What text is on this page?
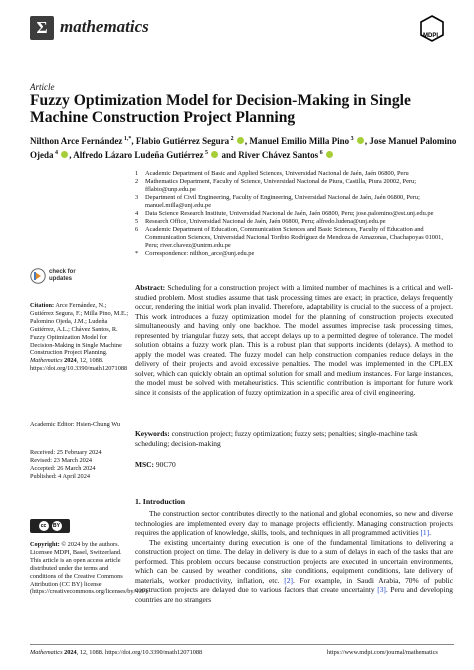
Σ mathematics	MDPI
Article
Fuzzy Optimization Model for Decision-Making in Single Machine Construction Project Planning
Nilthon Arce Fernández $^{1,*}$, Flabio Gutiérrez Segura $^2$ , Manuel Emilio Milla Pino $^3$ , Jose Manuel Palomino Ojeda $^4$ , Alfredo Lázaro Ludeña Gutiérrez $^5$  and River Chávez Santos $^6$
1 Academic Department of Basic and Applied Sciences, Universidad Nacional de Jaén, Jaén 06800, Peru
2 Mathematics Department, Faculty of Science, Universidad Nacional de Piura, Castilla, Piura 20002, Peru; fflabio@unp.edu.pe
3 Department of Civil Engineering, Faculty of Engineering, Universidad Nacional de Jaén, Jaén 06800, Peru; manuel.milla@unj.edu.pe
4 Data Science Research Institute, Universidad Nacional de Jaén, Jaén 06800, Peru; jose.palomino@est.unj.edu.pe
5 Research Office, Universidad Nacional de Jaén, Jaén 06800, Peru; alfredo.ludena@unj.edu.pe
6 Academic Department of Education, Communication Sciences and Basic Sciences, Faculty of Education and Communication Sciences, Universidad Nacional Toribio Rodríguez de Mendoza de Amazonas, Chachapoyas 01001, Peru; river.chavez@untrm.edu.pe
* Correspondence: nilthon_arce@unj.edu.pe
check for
updates
Citation: Arce Fernández, N.; Gutiérrez Segura, F.; Milla Pino, M.E.; Palomino Ojeda, J.M.; Ludeña Gutiérrez, A.L.; Chávez Santos, R. Fuzzy Optimization Model for Decision-Making in Single Machine Construction Project Planning. Mathematics 2024, 12, 1088. https://doi.org/10.3390/math12071088
Academic Editor: Hsien-Chung Wu
Received: 25 February 2024
Revised: 23 March 2024
Accepted: 26 March 2024
Published: 4 April 2024
cc	BY
Copyright: © 2024 by the authors. Licensee MDPI, Basel, Switzerland. This article is an open access article distributed under the terms and conditions of the Creative Commons Attribution (CC BY) license (https://creativecommons.org/licenses/by/4.0/).
Abstract: Scheduling for a construction project with a limited number of machines is a critical and well-studied problem. Most studies assume that task processing times are exact; in practice, delays frequently occur, rendering the initial work plan invalid. Therefore, adaptability is crucial to the success of a project. This work introduces a fuzzy optimization model for the planning of construction projects executed simultaneously and having only one backhoe. The model assumes imprecise task processing times, represented by triangular fuzzy sets, that accept delays up to a permitted degree of tolerance. The model solution obtains a fuzzy work plan. This is a robust plan that supports incidents (delays). A method to apply the model was created. The fuzzy model can help construction companies reduce delays in the delivery of their projects and avoid excessive penalties. The model was implemented in the CPLEX solver, which can quickly obtain an optimal solution for small and medium instances. For large instances, the model must be solved with metaheuristics. This scientific contribution is important for future work since it consists of the application of fuzzy optimization in a specific area of civil engineering.
Keywords: construction project; fuzzy optimization; fuzzy sets; penalties; single-machine task scheduling; decision-making
MSC: 90C70
1. Introduction

The construction sector contributes directly to the national and global economies, so new and diverse technologies are implemented every day to manage projects efficiently. Managing construction projects requires the application of knowledge, skills, tools, and techniques in all programmed activities [1].

The existing uncertainty during execution is one of the fundamental limitations to delivering a construction project on time. The delay in delivery is due to a sum of delays in each of the tasks that are performed. This problem occurs because construction projects are executed in uncertain environments, which can be caused by weather conditions, site conditions, equipment conditions, late delivery of materials, worker productivity, inflation, etc. [2]. For example, in Saudi Arabia, 70% of public construction projects are delayed due to various factors that create uncertainty [3]. Peru and developing countries are no strangers

Mathematics 2024, 12, 1088. https://doi.org/10.3390/math12071088	https://www.mdpi.com/journal/mathematics
